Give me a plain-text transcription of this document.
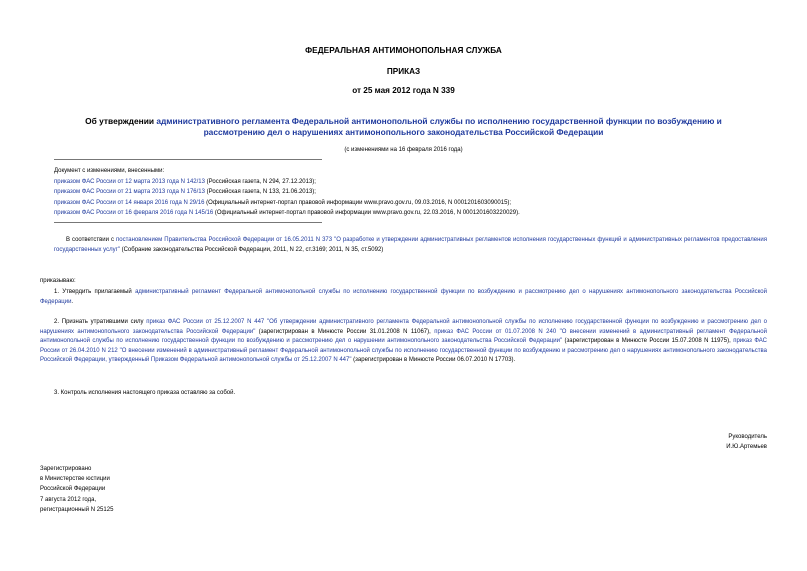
ФЕДЕРАЛЬНАЯ АНТИМОНОПОЛЬНАЯ СЛУЖБА
ПРИКАЗ
от 25 мая 2012 года N 339
Об утверждении административного регламента Федеральной антимонопольной службы по исполнению государственной функции по возбуждению и рассмотрению дел о нарушениях антимонопольного законодательства Российской Федерации
(с изменениями на 16 февраля 2016 года)
Документ с изменениями, внесенными:
приказом ФАС России от 12 марта 2013 года N 142/13 (Российская газета, N 294, 27.12.2013);
приказом ФАС России от 21 марта 2013 года N 176/13 (Российская газета, N 133, 21.06.2013);
приказом ФАС России от 14 января 2016 года N 29/16 (Официальный интернет-портал правовой информации www.pravo.gov.ru, 09.03.2016, N 0001201603090015);
приказом ФАС России от 16 февраля 2016 года N 145/16 (Официальный интернет-портал правовой информации www.pravo.gov.ru, 22.03.2016, N 0001201603220029).
В соответствии с постановлением Правительства Российской Федерации от 16.05.2011 N 373 "О разработке и утверждении административных регламентов исполнения государственных функций и административных регламентов предоставления государственных услуг" (Собрание законодательства Российской Федерации, 2011, N 22, ст.3169; 2011, N 35, ст.5092)
приказываю:
1. Утвердить прилагаемый административный регламент Федеральной антимонопольной службы по исполнению государственной функции по возбуждению и рассмотрению дел о нарушениях антимонопольного законодательства Российской Федерации.
2. Признать утратившими силу приказ ФАС России от 25.12.2007 N 447 "Об утверждении административного регламента Федеральной антимонопольной службы по исполнению государственной функции по возбуждению и рассмотрению дел о нарушениях антимонопольного законодательства Российской Федерации" (зарегистрирован в Минюсте России 31.01.2008 N 11067), приказ ФАС России от 01.07.2008 N 240 "О внесении изменений в административный регламент Федеральной антимонопольной службы по исполнению государственной функции по возбуждению и рассмотрению дел о нарушении антимонопольного законодательства Российской Федерации" (зарегистрирован в Минюсте России 15.07.2008 N 11975), приказ ФАС России от 26.04.2010 N 212 "О внесении изменений в административный регламент Федеральной антимонопольной службы по исполнению государственной функции по возбуждению и рассмотрению дел о нарушениях антимонопольного законодательства Российской Федерации, утвержденный Приказом Федеральной антимонопольной службы от 25.12.2007 N 447" (зарегистрирован в Минюсте России 06.07.2010 N 17703).
3. Контроль исполнения настоящего приказа оставляю за собой.
Руководитель
И.Ю.Артемьев
Зарегистрировано
в Министерстве юстиции
Российской Федерации
7 августа 2012 года,
регистрационный N 25125
